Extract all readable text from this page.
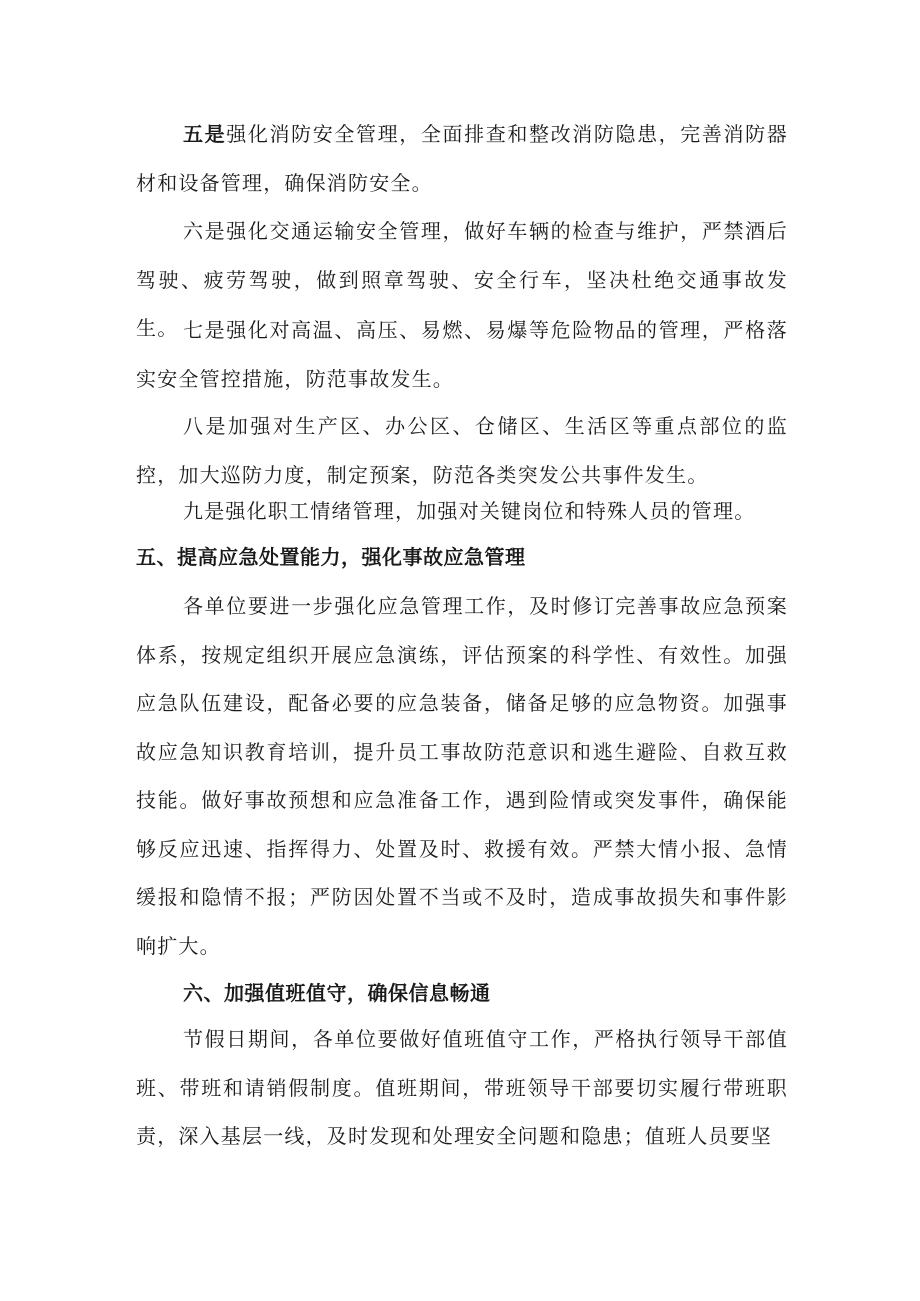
五是强化消防安全管理，全面排查和整改消防隐患，完善消防器材和设备管理，确保消防安全。

六是强化交通运输安全管理，做好车辆的检查与维护，严禁酒后驾驶、疲劳驾驶，做到照章驾驶、安全行车，坚决杜绝交通事故发生。 七是强化对高温、高压、易燃、易爆等危险物品的管理，严格落实安全管控措施，防范事故发生。

八是加强对生产区、办公区、仓储区、生活区等重点部位的监控，加大巡防力度，制定预案，防范各类突发公共事件发生。

九是强化职工情绪管理，加强对关键岗位和特殊人员的管理。

五、提高应急处置能力，强化事故应急管理

各单位要进一步强化应急管理工作，及时修订完善事故应急预案体系，按规定组织开展应急演练，评估预案的科学性、有效性。加强应急队伍建设，配备必要的应急装备，储备足够的应急物资。加强事故应急知识教育培训，提升员工事故防范意识和逃生避险、自救互救技能。做好事故预想和应急准备工作，遇到险情或突发事件，确保能够反应迅速、指挥得力、处置及时、救援有效。严禁大情小报、急情缓报和隐情不报；严防因处置不当或不及时，造成事故损失和事件影响扩大。

六、加强值班值守，确保信息畅通

节假日期间，各单位要做好值班值守工作，严格执行领导干部值班、带班和请销假制度。值班期间，带班领导干部要切实履行带班职责，深入基层一线，及时发现和处理安全问题和隐患；值班人员要坚
